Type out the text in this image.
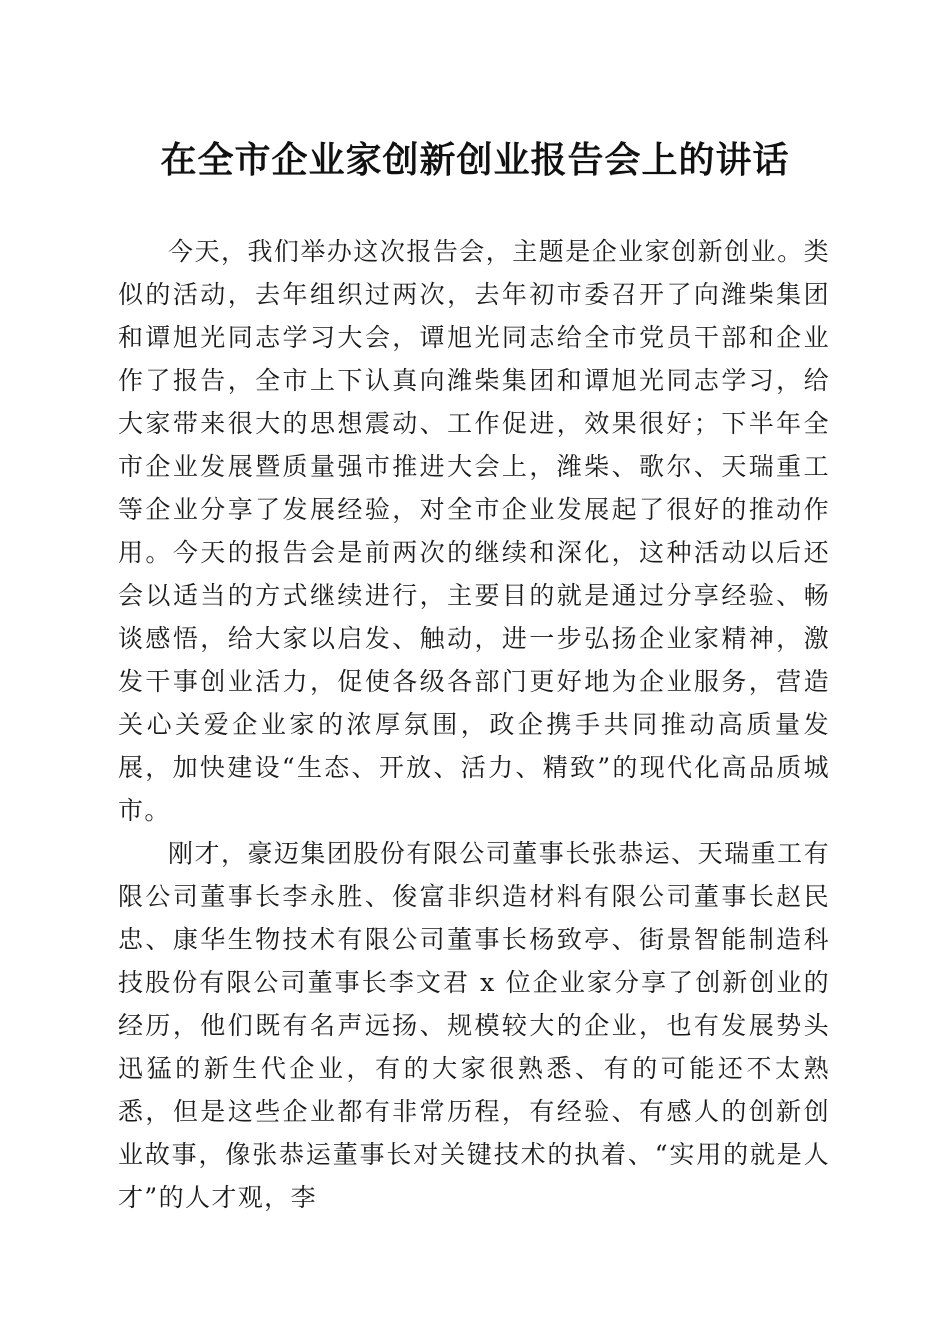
在全市企业家创新创业报告会上的讲话

今天，我们举办这次报告会，主题是企业家创新创业。类似的活动，去年组织过两次，去年初市委召开了向潍柴集团和谭旭光同志学习大会，谭旭光同志给全市党员干部和企业作了报告，全市上下认真向潍柴集团和谭旭光同志学习，给大家带来很大的思想震动、工作促进，效果很好；下半年全市企业发展暨质量强市推进大会上，潍柴、歌尔、天瑞重工等企业分享了发展经验，对全市企业发展起了很好的推动作用。今天的报告会是前两次的继续和深化，这种活动以后还会以适当的方式继续进行，主要目的就是通过分享经验、畅谈感悟，给大家以启发、触动，进一步弘扬企业家精神，激发干事创业活力，促使各级各部门更好地为企业服务，营造关心关爱企业家的浓厚氛围，政企携手共同推动高质量发展，加快建设“生态、开放、活力、精致”的现代化高品质城市。

刚才，豪迈集团股份有限公司董事长张恭运、天瑞重工有限公司董事长李永胜、俊富非织造材料有限公司董事长赵民忠、康华生物技术有限公司董事长杨致亭、街景智能制造科技股份有限公司董事长李文君 x 位企业家分享了创新创业的经历，他们既有名声远扬、规模较大的企业，也有发展势头迅猛的新生代企业，有的大家很熟悉、有的可能还不太熟悉，但是这些企业都有非常历程，有经验、有感人的创新创业故事，像张恭运董事长对关键技术的执着、“实用的就是人才”的人才观，李
